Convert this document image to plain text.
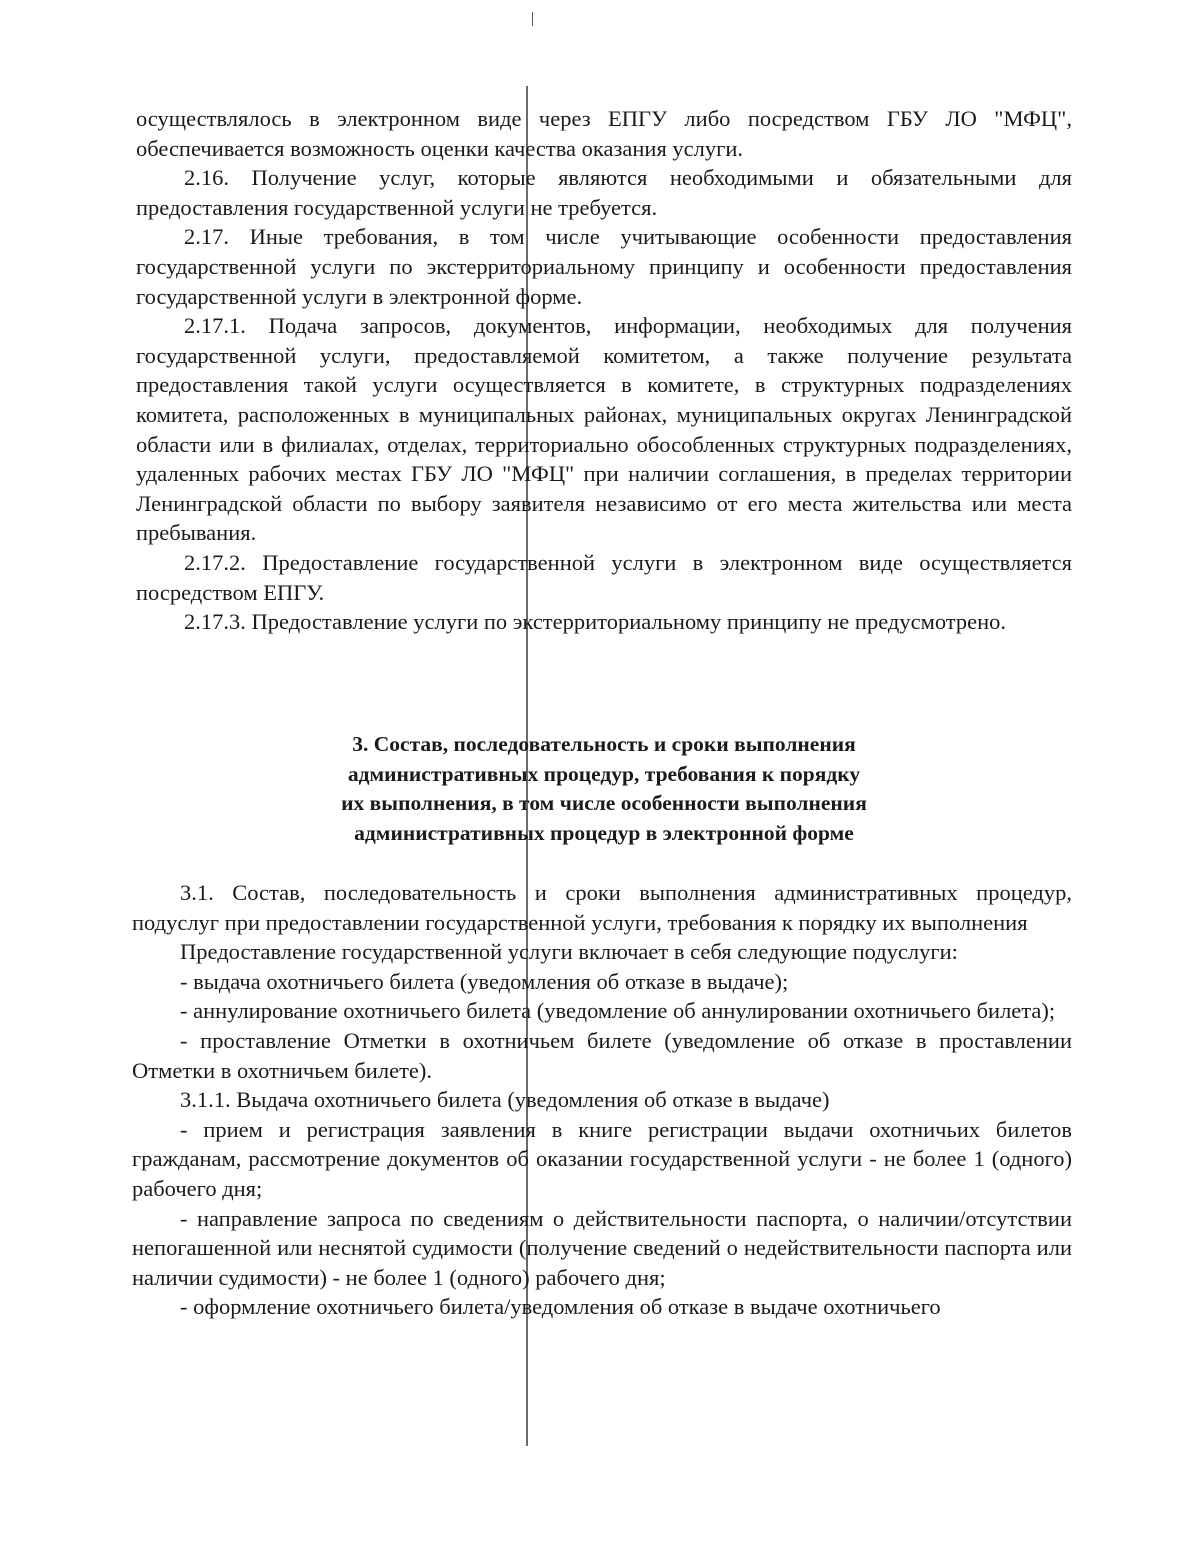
осуществлялось в электронном виде через ЕПГУ либо посредством ГБУ ЛО "МФЦ", обеспечивается возможность оценки качества оказания услуги.

2.16. Получение услуг, которые являются необходимыми и обязательными для предоставления государственной услуги не требуется.

2.17. Иные требования, в том числе учитывающие особенности предоставления государственной услуги по экстерриториальному принципу и особенности предоставления государственной услуги в электронной форме.

2.17.1. Подача запросов, документов, информации, необходимых для получения государственной услуги, предоставляемой комитетом, а также получение результата предоставления такой услуги осуществляется в комитете, в структурных подразделениях комитета, расположенных в муниципальных районах, муниципальных округах Ленинградской области или в филиалах, отделах, территориально обособленных структурных подразделениях, удаленных рабочих местах ГБУ ЛО "МФЦ" при наличии соглашения, в пределах территории Ленинградской области по выбору заявителя независимо от его места жительства или места пребывания.

2.17.2. Предоставление государственной услуги в электронном виде осуществляется посредством ЕПГУ.

2.17.3. Предоставление услуги по экстерриториальному принципу не предусмотрено.

3. Состав, последовательность и сроки выполнения
административных процедур, требования к порядку
их выполнения, в том числе особенности выполнения
административных процедур в электронной форме

3.1. Состав, последовательность и сроки выполнения административных процедур, подуслуг при предоставлении государственной услуги, требования к порядку их выполнения

Предоставление государственной услуги включает в себя следующие подуслуги:

- выдача охотничьего билета (уведомления об отказе в выдаче);

- аннулирование охотничьего билета (уведомление об аннулировании охотничьего билета);

- проставление Отметки в охотничьем билете (уведомление об отказе в проставлении Отметки в охотничьем билете).

3.1.1. Выдача охотничьего билета (уведомления об отказе в выдаче)

- прием и регистрация заявления в книге регистрации выдачи охотничьих билетов гражданам, рассмотрение документов об оказании государственной услуги - не более 1 (одного) рабочего дня;

- направление запроса по сведениям о действительности паспорта, о наличии/отсутствии непогашенной или неснятой судимости (получение сведений о недействительности паспорта или наличии судимости) - не более 1 (одного) рабочего дня;

- оформление охотничьего билета/уведомления об отказе в выдаче охотничьего
